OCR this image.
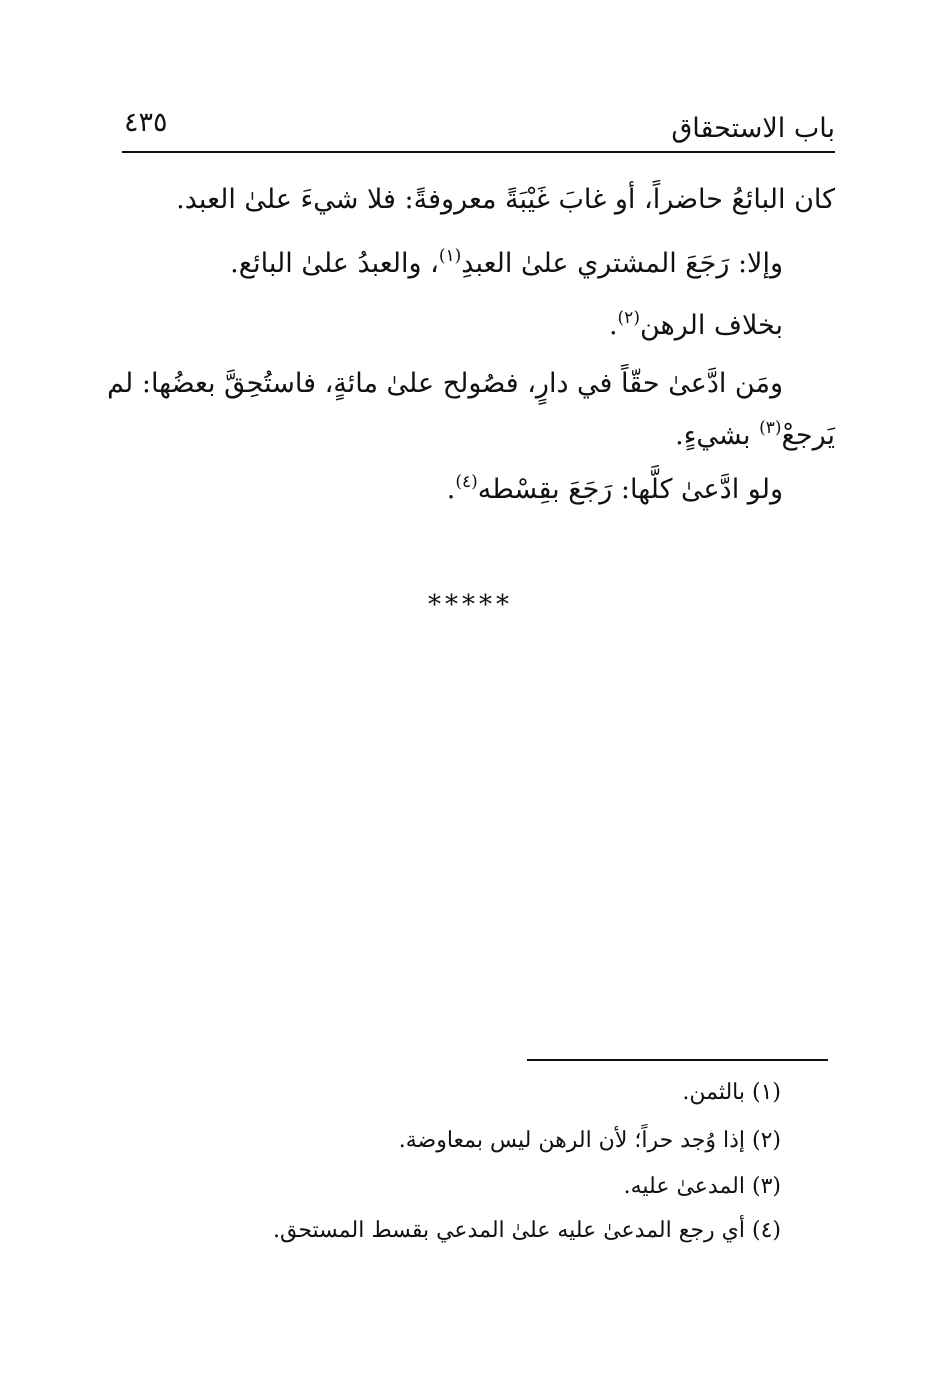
باب الاستحقاق
٤٣٥
كان البائعُ حاضراً، أو غابَ غَيْبَةً معروفةً: فلا شيءَ علىٰ العبد.
وإلا: رَجَعَ المشتري علىٰ العبدِ$^{(١)}$، والعبدُ علىٰ البائع.
بخلاف الرهن$^{(٢)}$.
ومَن ادَّعىٰ حقّاً في دارٍ، فصُولح علىٰ مائةٍ، فاستُحِقَّ بعضُها: لم
يَرجعْ$^{(٣)}$ بشيءٍ.
ولو ادَّعىٰ كلَّها: رَجَعَ بقِسْطه$^{(٤)}$.
*****
(١) بالثمن.
(٢) إذا وُجد حراً؛ لأن الرهن ليس بمعاوضة.
(٣) المدعىٰ عليه.
(٤) أي رجع المدعىٰ عليه علىٰ المدعي بقسط المستحق.
